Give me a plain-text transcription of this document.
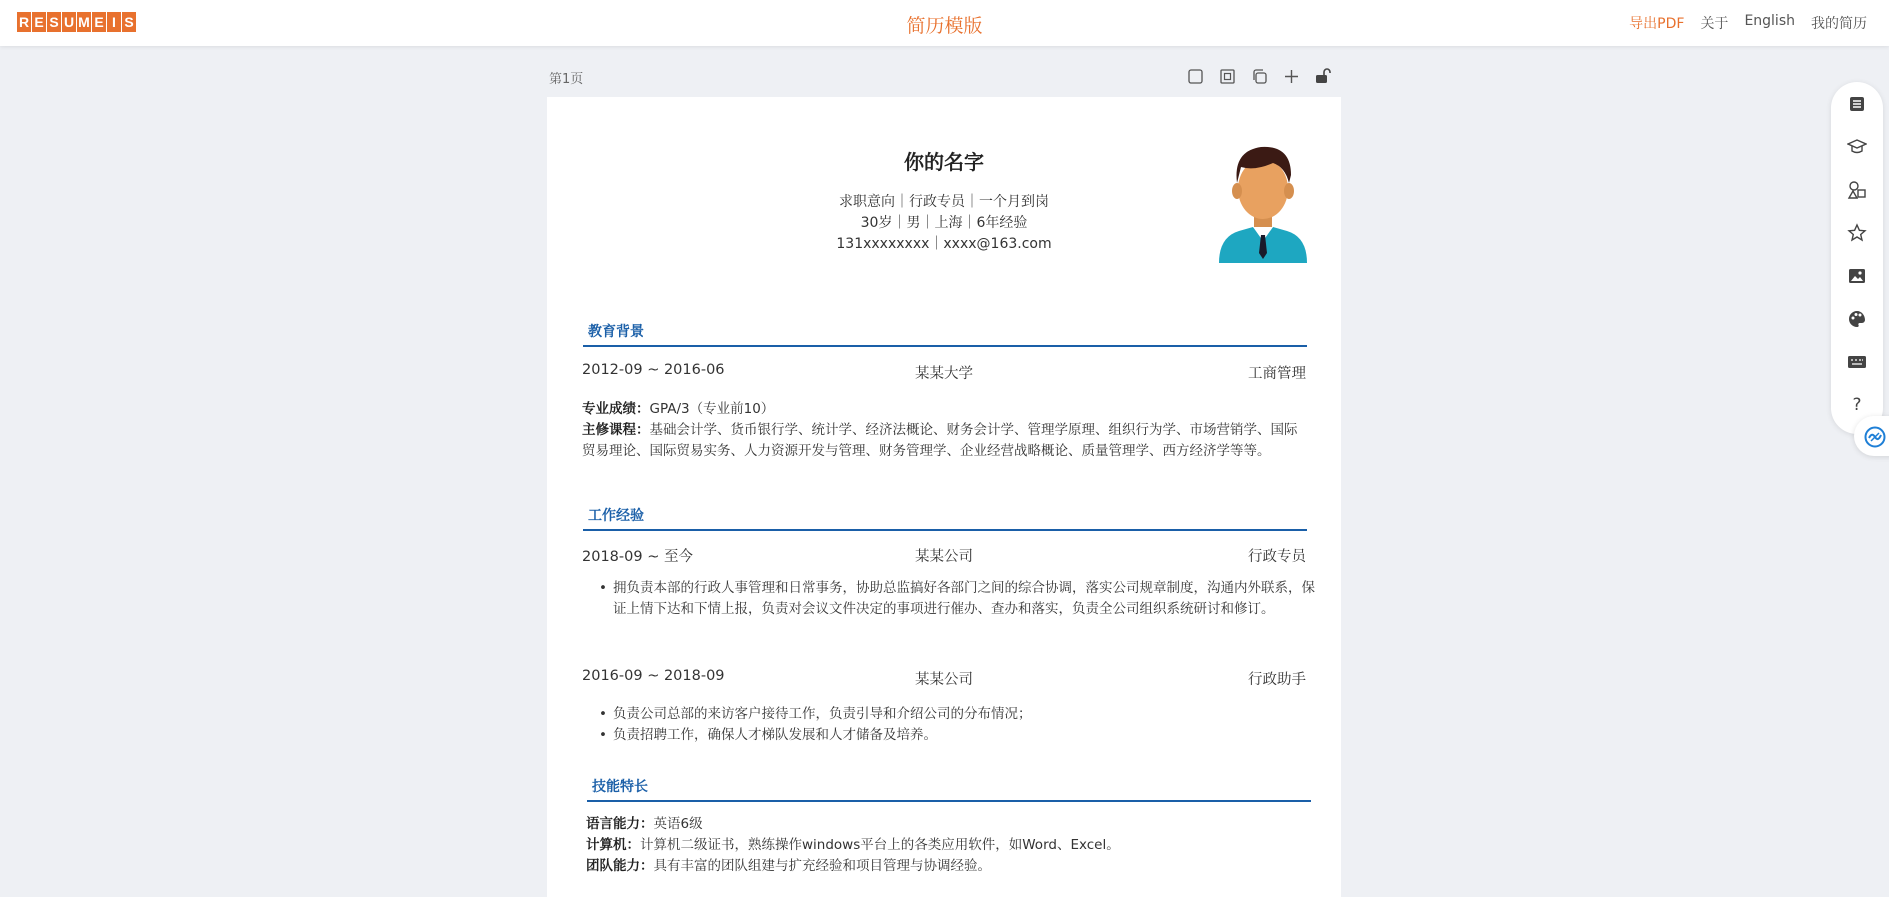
R E S U M E I S	简历模版	导出PDF 关于 English 我的简历
第1页
你的名字
求职意向｜行政专员｜一个月到岗
30岁｜男｜上海｜6年经验
131xxxxxxxx｜xxxx@163.com
教育背景
2012-09 ~ 2016-06	某某大学	工商管理
专业成绩：GPA/3（专业前10）
主修课程：基础会计学、货币银行学、统计学、经济法概论、财务会计学、管理学原理、组织行为学、市场营销学、国际贸易理论、国际贸易实务、人力资源开发与管理、财务管理学、企业经营战略概论、质量管理学、西方经济学等等。
工作经验
2018-09 ~ 至今	某某公司	行政专员
• 拥负责本部的行政人事管理和日常事务，协助总监搞好各部门之间的综合协调，落实公司规章制度，沟通内外联系，保证上情下达和下情上报，负责对会议文件决定的事项进行催办、查办和落实，负责全公司组织系统研讨和修订。
2016-09 ~ 2018-09	某某公司	行政助手
• 负责公司总部的来访客户接待工作，负责引导和介绍公司的分布情况；
• 负责招聘工作，确保人才梯队发展和人才储备及培养。
技能特长
语言能力：英语6级
计算机：计算机二级证书，熟练操作windows平台上的各类应用软件，如Word、Excel。
团队能力：具有丰富的团队组建与扩充经验和项目管理与协调经验。
?
